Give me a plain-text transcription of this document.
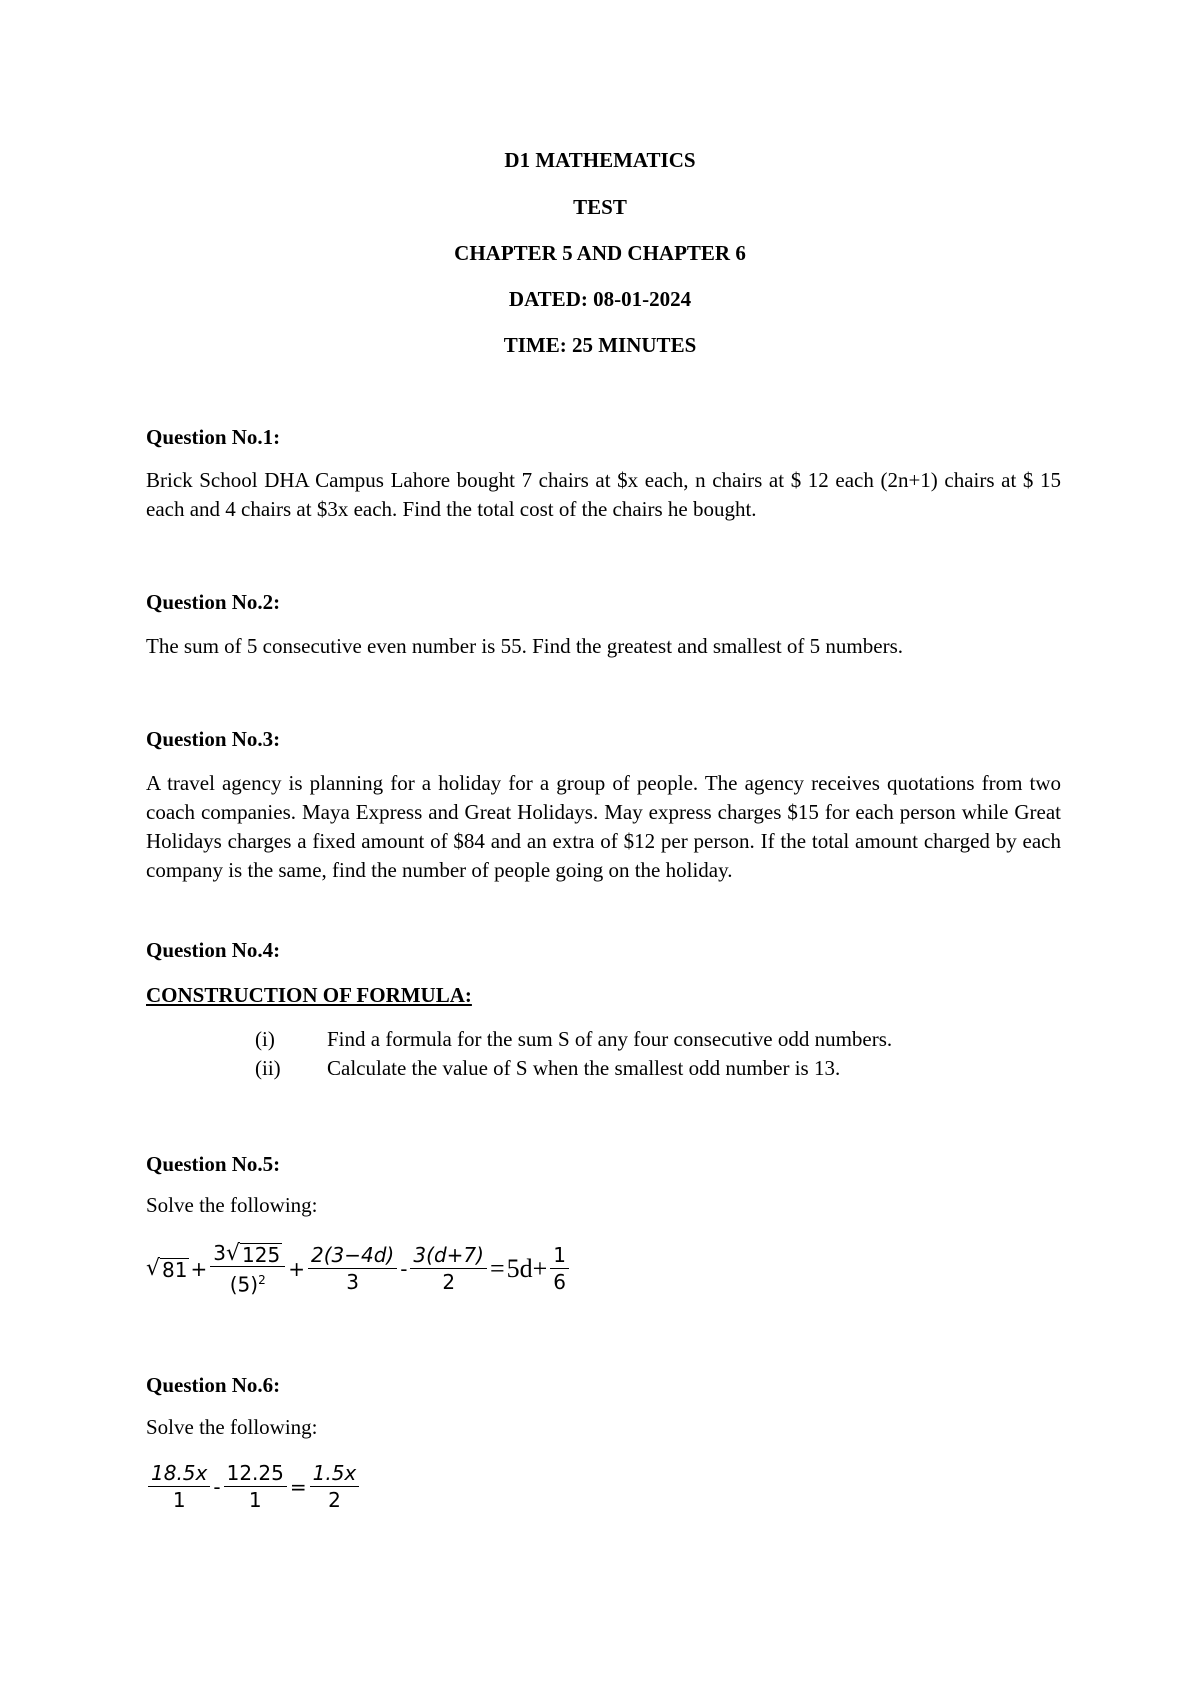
D1 MATHEMATICS
TEST
CHAPTER 5 AND CHAPTER 6
DATED: 08-01-2024
TIME: 25 MINUTES
Question No.1:
Brick School DHA Campus Lahore bought 7 chairs at $x each, n chairs at $ 12 each (2n+1) chairs at $ 15 each and 4 chairs at $3x each. Find the total cost of the chairs he bought.
Question No.2:
The sum of 5 consecutive even number is 55. Find the greatest and smallest of 5 numbers.
Question No.3:
A travel agency is planning for a holiday for a group of people. The agency receives quotations from two coach companies. Maya Express and Great Holidays. May express charges $15 for each person while Great Holidays charges a fixed amount of $84 and an extra of $12 per person. If the total amount charged by each company is the same, find the number of people going on the holiday.
Question No.4:
CONSTRUCTION OF FORMULA:
(i) Find a formula for the sum S of any four consecutive odd numbers.
(ii) Calculate the value of S when the smallest odd number is 13.
Question No.5:
Solve the following:
√ $81 + \frac{3 √ 125}{(5)^2} + \frac{2(3-4d)}{3} - \frac{3(d+7)}{2} = 5d+ \frac{1}{6}$
Question No.6:
Solve the following:
$\frac{18.5x}{1} - \frac{12.25}{1} = \frac{1.5x}{2}$
